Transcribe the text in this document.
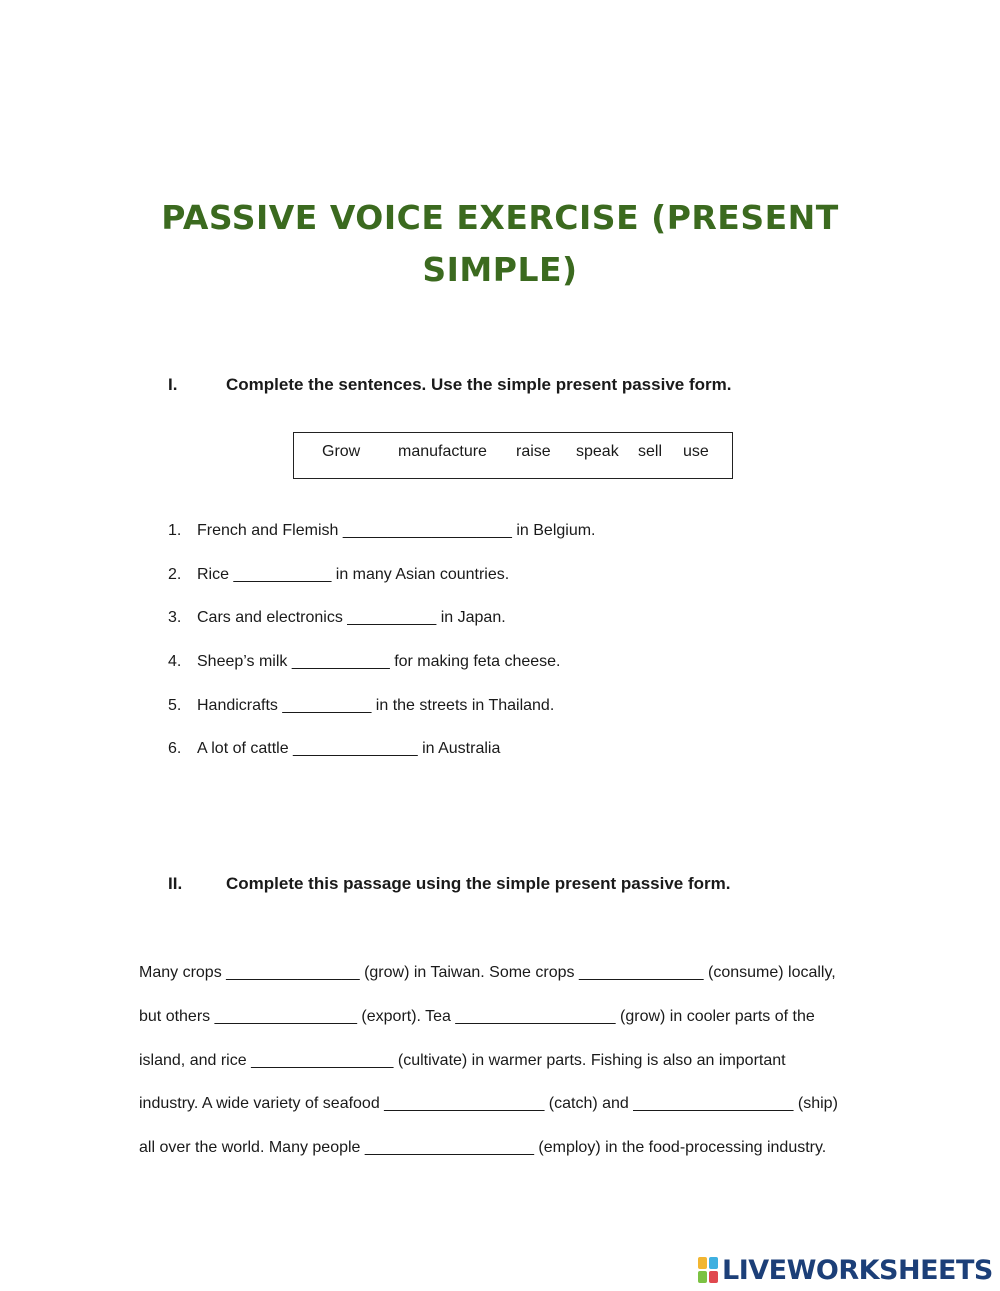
PASSIVE VOICE EXERCISE (PRESENT
SIMPLE)
I.	Complete the sentences. Use the simple present passive form.
Grow manufacture raise speak sell use
1. French and Flemish ___________________ in Belgium.
2. Rice ___________ in many Asian countries.
3. Cars and electronics __________ in Japan.
4. Sheep’s milk ___________ for making feta cheese.
5. Handicrafts __________ in the streets in Thailand.
6. A lot of cattle ______________ in Australia
II.	Complete this passage using the simple present passive form.
Many crops _______________ (grow) in Taiwan. Some crops ______________ (consume) locally,
but others ________________ (export). Tea __________________ (grow) in cooler parts of the
island, and rice ________________ (cultivate) in warmer parts. Fishing is also an important
industry. A wide variety of seafood __________________ (catch) and __________________ (ship)
all over the world. Many people ___________________ (employ) in the food-processing industry.
LIVEWORKSHEETS
